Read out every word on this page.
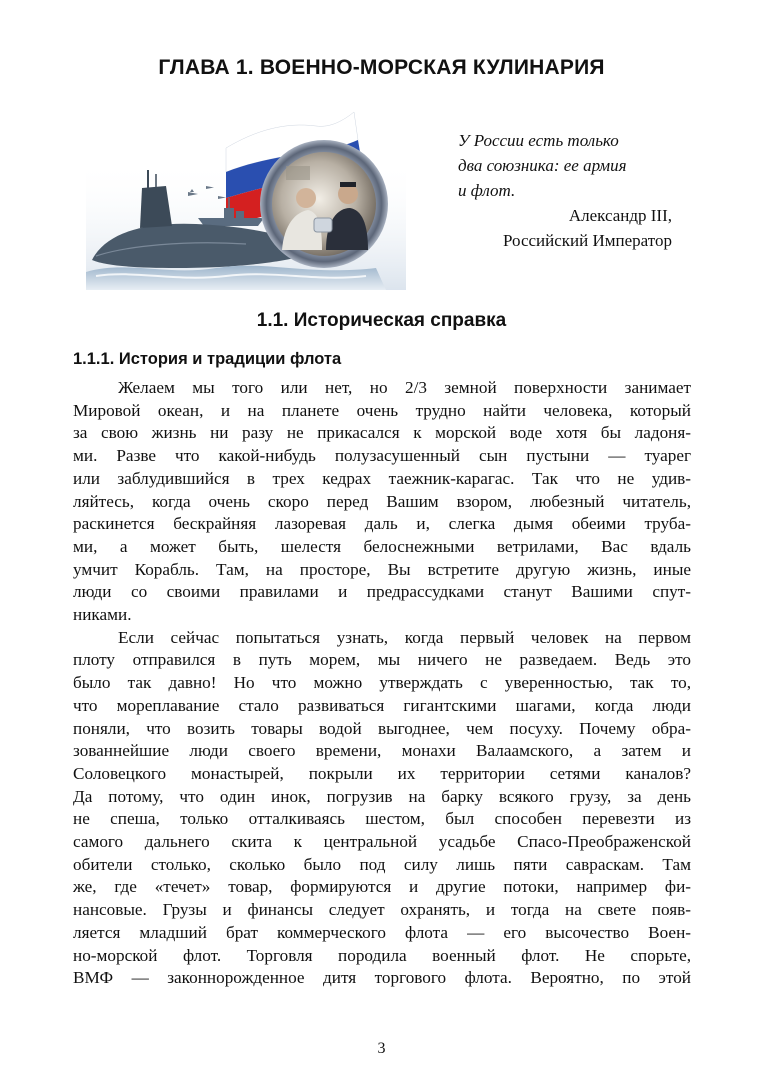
ГЛАВА 1. ВОЕННО-МОРСКАЯ КУЛИНАРИЯ
У России есть только
два союзника: ее армия
и флот.
Александр III,
Российский Император
1.1. Историческая справка
1.1.1. История и традиции флота
Желаем мы того или нет, но 2/3 земной поверхности занимает
Мировой океан, и на планете очень трудно найти человека, который
за свою жизнь ни разу не прикасался к морской воде хотя бы ладоня-
ми. Разве что какой-нибудь полузасушенный сын пустыни — туарег
или заблудившийся в трех кедрах таежник-карагас. Так что не удив-
ляйтесь, когда очень скоро перед Вашим взором, любезный читатель,
раскинется бескрайняя лазоревая даль и, слегка дымя обеими труба-
ми, а может быть, шелестя белоснежными ветрилами, Вас вдаль
умчит Корабль. Там, на просторе, Вы встретите другую жизнь, иные
люди со своими правилами и предрассудками станут Вашими спут-
никами.
Если сейчас попытаться узнать, когда первый человек на первом
плоту отправился в путь морем, мы ничего не разведаем. Ведь это
было так давно! Но что можно утверждать с уверенностью, так то,
что мореплавание стало развиваться гигантскими шагами, когда люди
поняли, что возить товары водой выгоднее, чем посуху. Почему обра-
зованнейшие люди своего времени, монахи Валаамского, а затем и
Соловецкого монастырей, покрыли их территории сетями каналов?
Да потому, что один инок, погрузив на барку всякого грузу, за день
не спеша, только отталкиваясь шестом, был способен перевезти из
самого дальнего скита к центральной усадьбе Спасо-Преображенской
обители столько, сколько было под силу лишь пяти савраскам. Там
же, где «течет» товар, формируются и другие потоки, например фи-
нансовые. Грузы и финансы следует охранять, и тогда на свете появ-
ляется младший брат коммерческого флота — его высочество Воен-
но-морской флот. Торговля породила военный флот. Не спорьте,
ВМФ — законнорожденное дитя торгового флота. Вероятно, по этой
3
